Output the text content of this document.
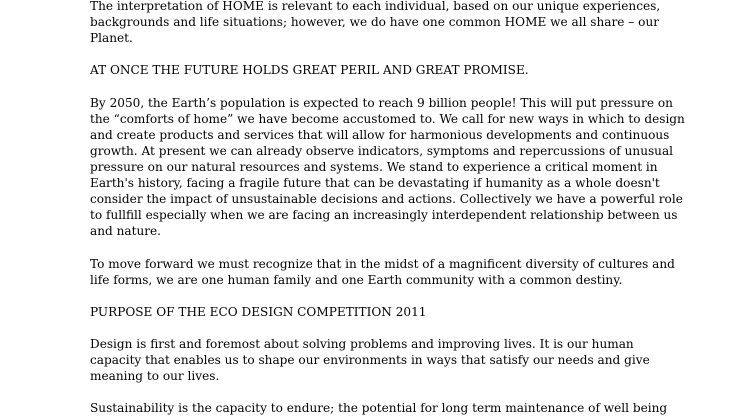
The interpretation of HOME is relevant to each individual, based on our unique experiences,
backgrounds and life situations; however, we do have one common HOME we all share – our
Planet.
AT ONCE THE FUTURE HOLDS GREAT PERIL AND GREAT PROMISE.
By 2050, the Earth’s population is expected to reach 9 billion people! This will put pressure on
the “comforts of home” we have become accustomed to. We call for new ways in which to design
and create products and services that will allow for harmonious developments and continuous
growth. At present we can already observe indicators, symptoms and repercussions of unusual
pressure on our natural resources and systems. We stand to experience a critical moment in
Earth's history, facing a fragile future that can be devastating if humanity as a whole doesn't
consider the impact of unsustainable decisions and actions. Collectively we have a powerful role
to fullfill especially when we are facing an increasingly interdependent relationship between us
and nature.
To move forward we must recognize that in the midst of a magnificent diversity of cultures and
life forms, we are one human family and one Earth community with a common destiny.
PURPOSE OF THE ECO DESIGN COMPETITION 2011
Design is first and foremost about solving problems and improving lives. It is our human
capacity that enables us to shape our environments in ways that satisfy our needs and give
meaning to our lives.
Sustainability is the capacity to endure; the potential for long term maintenance of well being
